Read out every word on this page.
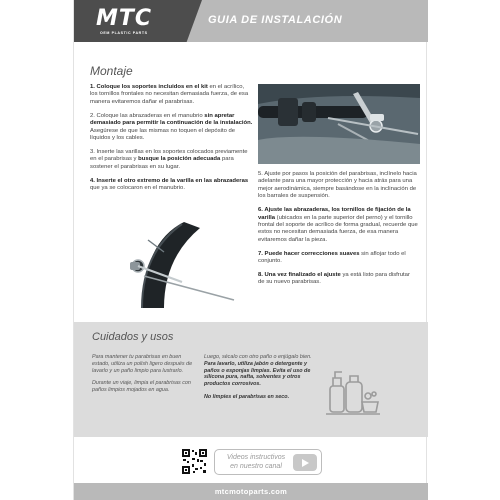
MTC
OEM PLASTIC PARTS
GUIA DE INSTALACIÓN
Montaje

1. Coloque los soportes incluidos en el kit en el acrílico, los tornillos frontales no necesitan demasiada fuerza, de esa manera evitaremos dañar el parabrisas.

2. Coloque las abrazaderas en el manubrio sin apretar demasiado para permitir la continuación de la instalación. Asegúrese de que las mismas no toquen el depósito de líquidos y los cables.

3. Inserte las varillas en los soportes colocados previamente en el parabrisas y busque la posición adecuada para sostener el parabrisas en su lugar.

4. Inserte el otro extremo de la varilla en las abrazaderas que ya se colocaron en el manubrio.

5. Ajuste por pasos la posición del parabrisas, inclínelo hacia adelante para una mayor protección y hacia atrás para una mejor aerodinámica, siempre basándose en la inclinación de los barrales de suspensión.

6. Ajuste las abrazaderas, los tornillos de fijación de la varilla (ubicados en la parte superior del perno) y el tornillo frontal del soporte de acrílico de forma gradual, recuerde que estos no necesitan demasiada fuerza, de esa manera evitaremos dañar la pieza.

7. Puede hacer correcciones suaves sin aflojar todo el conjunto.

8. Una vez finalizado el ajuste ya está listo para disfrutar de su nuevo parabrisas.

Cuidados y usos

Para mantener tu parabrisas en buen estado, utiliza un polish ligero después de lavarlo y un paño limpio para lustrarlo.

Durante un viaje, limpia el parabrisas con paños limpios mojados en agua.

Luego, sécalo con otro paño o enjúgalo bien. Para lavarlo, utiliza jabón o detergente y paños o esponjas limpias. Evita el uso de silicona pura, nafta, solventes y otros productos corrosivos.

No limpies el parabrisas en seco.

Videos instructivos en nuestro canal
mtcmotoparts.com
